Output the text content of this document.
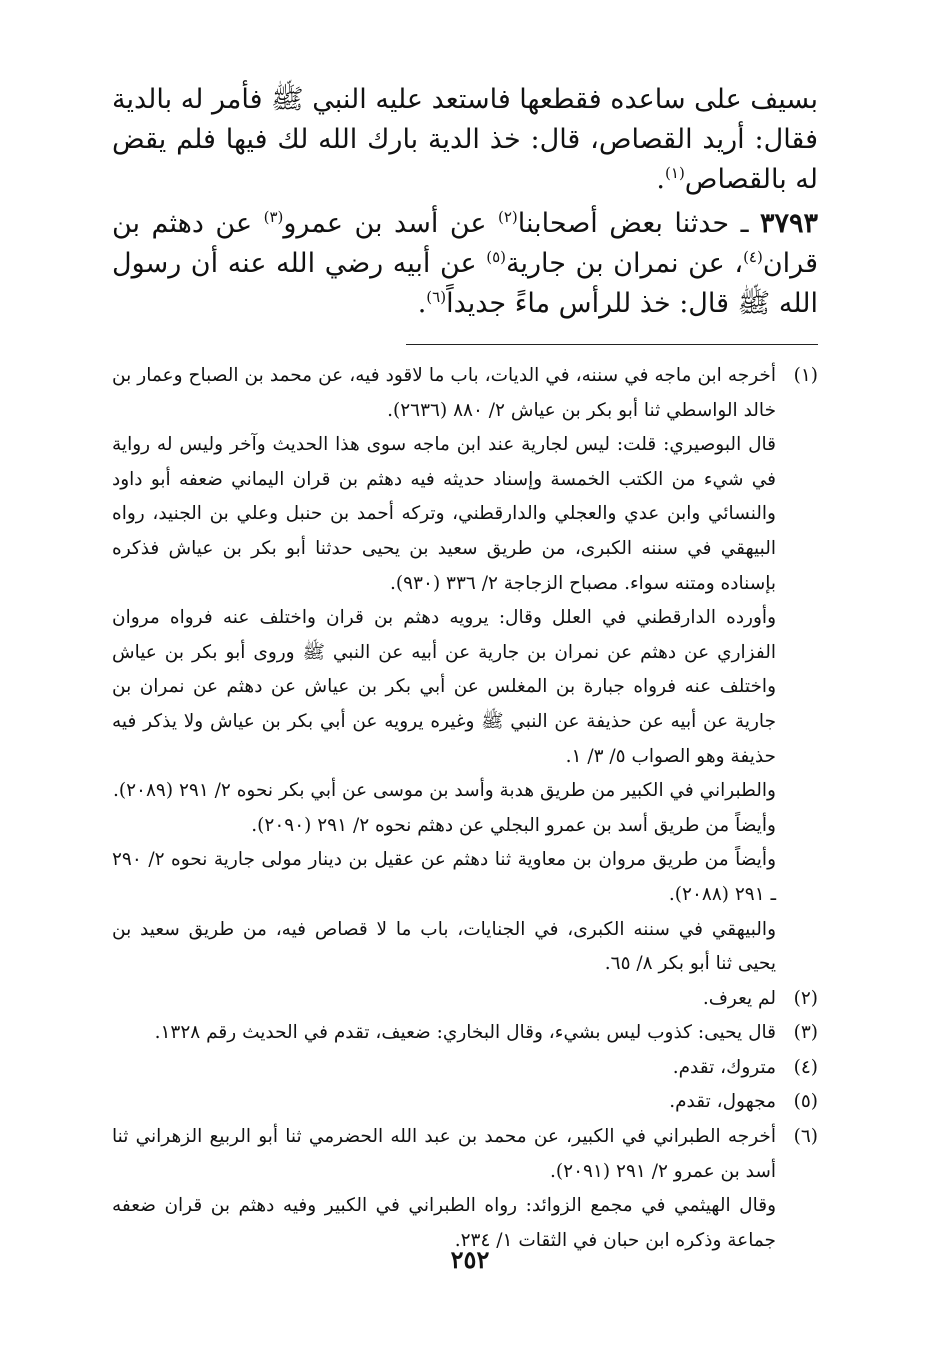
بسيف على ساعده فقطعها فاستعد عليه النبي ﷺ فأمر له بالدية فقال: أريد القصاص، قال: خذ الدية بارك الله لك فيها فلم يقض له بالقصاص$^{(١)}$.

٣٧٩٣ ـ حدثنا بعض أصحابنا$^{(٢)}$ عن أسد بن عمرو$^{(٣)}$ عن دهثم بن قران$^{(٤)}$، عن نمران بن جارية$^{(٥)}$ عن أبيه رضي الله عنه أن رسول الله ﷺ قال: خذ للرأس ماءً جديداً$^{(٦)}$.

(١)

أخرجه ابن ماجه في سننه، في الديات، باب ما لاقود فيه، عن محمد بن الصباح وعمار بن خالد الواسطي ثنا أبو بكر بن عياش ٢/ ٨٨٠ (٢٦٣٦).

قال البوصيري: قلت: ليس لجارية عند ابن ماجه سوى هذا الحديث وآخر وليس له رواية في شيء من الكتب الخمسة وإسناد حديثه فيه دهثم بن قران اليماني ضعفه أبو داود والنسائي وابن عدي والعجلي والدارقطني، وتركه أحمد بن حنبل وعلي بن الجنيد، رواه البيهقي في سننه الكبرى، من طريق سعيد بن يحيى حدثنا أبو بكر بن عياش فذكره بإسناده ومتنه سواء. مصباح الزجاجة ٢/ ٣٣٦ (٩٣٠).

وأورده الدارقطني في العلل وقال: يرويه دهثم بن قران واختلف عنه فرواه مروان الفزاري عن دهثم عن نمران بن جارية عن أبيه عن النبي ﷺ وروى أبو بكر بن عياش واختلف عنه فرواه جبارة بن المغلس عن أبي بكر بن عياش عن دهثم عن نمران بن جارية عن أبيه عن حذيفة عن النبي ﷺ وغيره يرويه عن أبي بكر بن عياش ولا يذكر فيه حذيفة وهو الصواب ٥/ ٣/ ١.

والطبراني في الكبير من طريق هدبة وأسد بن موسى عن أبي بكر نحوه ٢/ ٢٩١ (٢٠٨٩).

وأيضاً من طريق أسد بن عمرو البجلي عن دهثم نحوه ٢/ ٢٩١ (٢٠٩٠).

وأيضاً من طريق مروان بن معاوية ثنا دهثم عن عقيل بن دينار مولى جارية نحوه ٢/ ٢٩٠ ـ ٢٩١ (٢٠٨٨).

والبيهقي في سننه الكبرى، في الجنايات، باب ما لا قصاص فيه، من طريق سعيد بن يحيى ثنا أبو بكر ٨/ ٦٥.

(٢)

لم يعرف.

(٣)

قال يحيى: كذوب ليس بشيء، وقال البخاري: ضعيف، تقدم في الحديث رقم ١٣٢٨.

(٤)

متروك، تقدم.

(٥)

مجهول، تقدم.

(٦)

أخرجه الطبراني في الكبير، عن محمد بن عبد الله الحضرمي ثنا أبو الربيع الزهراني ثنا أسد بن عمرو ٢/ ٢٩١ (٢٠٩١).

وقال الهيثمي في مجمع الزوائد: رواه الطبراني في الكبير وفيه دهثم بن قران ضعفه جماعة وذكره ابن حبان في الثقات ١/ ٢٣٤.

٢٥٢
